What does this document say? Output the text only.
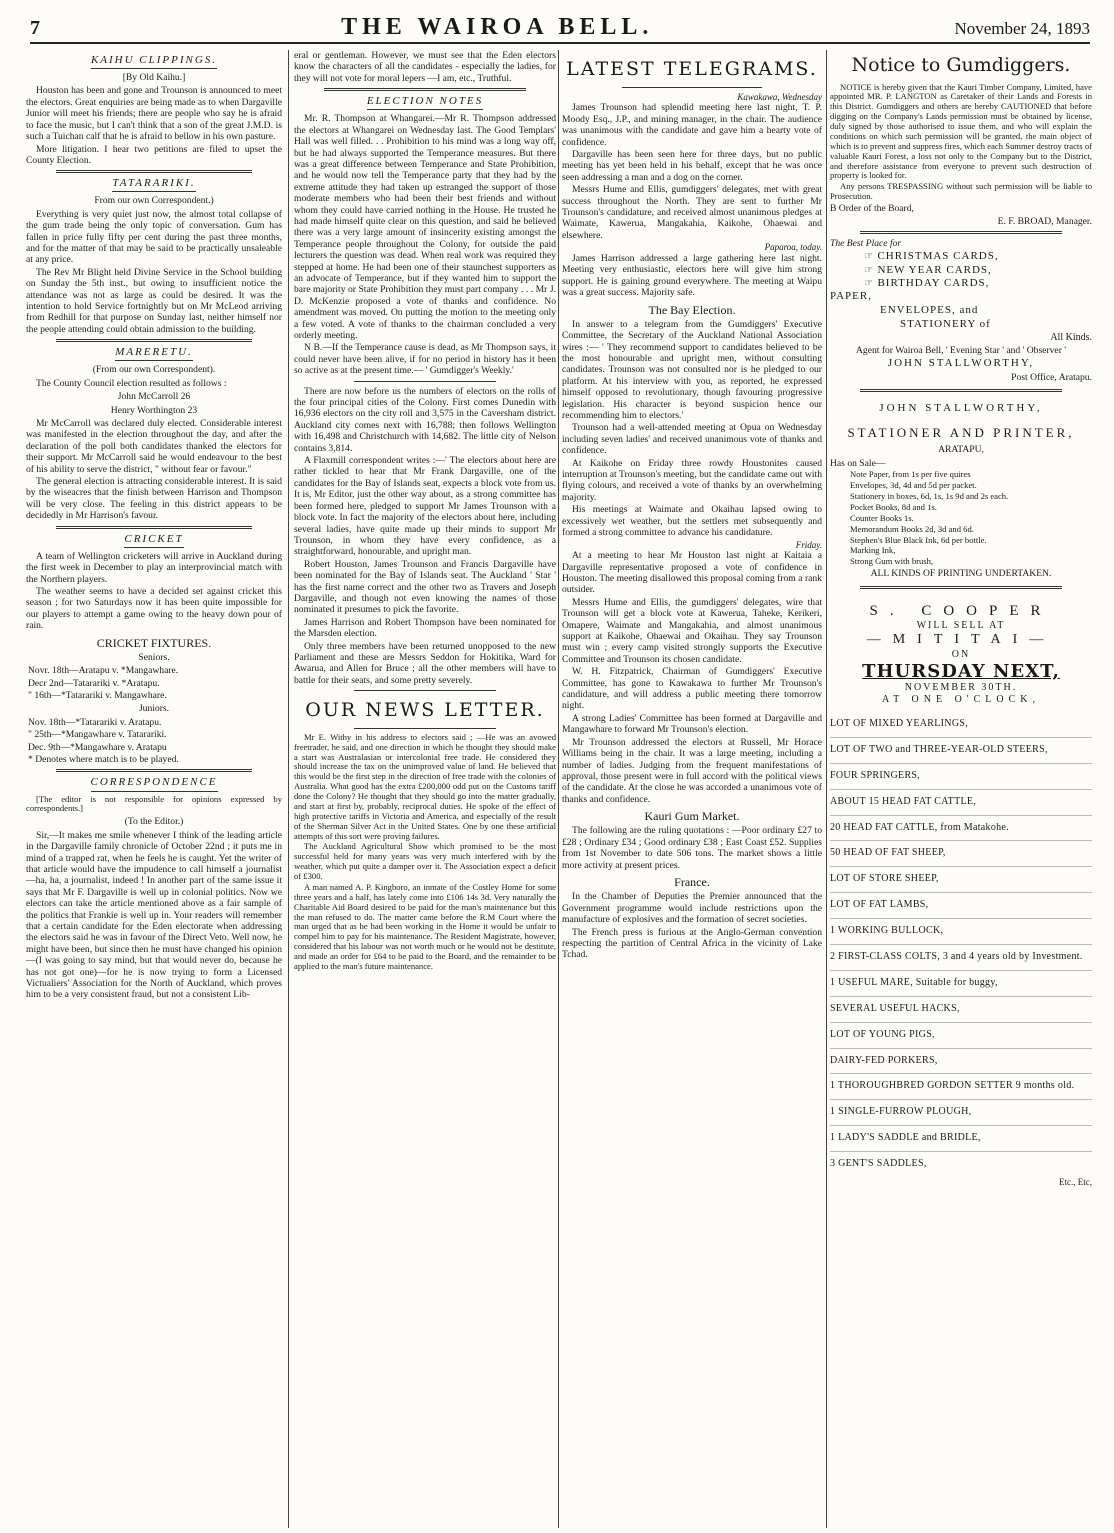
7	THE WAIROA BELL.	November 24, 1893
KAIHU CLIPPINGS.
[By Old Kaihu.]

Houston has been and gone and Trounson is announced to meet the electors. Great enquiries are being made as to when Dargaville Junior will meet his friends; there are people who say he is afraid to face the music, but I can't think that a son of the great J.M.D. is such a Tuichan calf that he is afraid to bellow in his own pasture.

More litigation. I hear two petitions are filed to upset the County Election.

TATARARIKI.
From our own Correspondent.)

Everything is very quiet just now, the almost total collapse of the gum trade being the only topic of conversation. Gum has fallen in price fully fifty per cent during the past three months, and for the matter of that may be said to be practically unsaleable at any price.

The Rev Mr Blight held Divine Service in the School building on Sunday the 5th inst., but owing to insufficient notice the attendance was not as large as could be desired. It was the intention to hold Service fortnightly but on Mr McLeod arriving from Redhill for that purpose on Sunday last, neither himself nor the people attending could obtain admission to the building.

MARERETU.
(From our own Correspondent).

The County Council election resulted as follows :

John McCarroll 26
Henry Worthington 23

Mr McCarroll was declared duly elected. Considerable interest was manifested in the election throughout the day, and after the declaration of the poll both candidates thanked the electors for their support. Mr McCarroll said he would endeavour to the best of his ability to serve the district, " without fear or favour."

The general election is attracting considerable interest. It is said by the wiseacres that the finish between Harrison and Thompson will be very close. The feeling in this district appears to be decidedly in Mr Harrison's favour.

CRICKET

A team of Wellington cricketers will arrive in Auckland during the first week in December to play an interprovincial match with the Northern players.

The weather seems to have a decided set against cricket this season ; for two Saturdays now it has been quite impossible for our players to attempt a game owing to the heavy down pour of rain.

CRICKET FIXTURES.
Seniors.

Novr. 18th—Aratapu v. *Mangawhare.

Decr 2nd—Tatarariki v. *Aratapu.

" 16th—*Tatarariki v. Mangawhare.

Juniors.

Nov. 18th—*Tatarariki v. Aratapu.

" 25th—*Mangawhare v. Tatarariki.

Dec. 9th—*Mangawhare v. Aratapu

* Denotes where match is to be played.

CORRESPONDENCE

[The editor is not responsible for opinions expressed by correspondents.]

(To the Editor.)

Sir,—It makes me smile whenever I think of the leading article in the Dargaville family chronicle of October 22nd ; it puts me in mind of a trapped rat, when he feels he is caught. Yet the writer of that article would have the impudence to call himself a journalist—ha, ha, a journalist, indeed ! In another part of the same issue it says that Mr F. Dargaville is well up in colonial politics. Now we electors can take the article mentioned above as a fair sample of the politics that Frankie is well up in. Your readers will remember that a certain candidate for the Eden electorate when addressing the electors said he was in favour of the Direct Veto. Well now, he might have been, but since then he must have changed his opinion—(I was going to say mind, but that would never do, because he has not got one)—for he is now trying to form a Licensed Victualiers' Association for the North of Auckland, which proves him to be a very consistent fraud, but not a consistent Lib-

eral or gentleman. However, we must see that the Eden electors know the characters of all the candidates - especially the ladies, for they will not vote for moral lepers —I am, etc., Truthful.

ELECTION NOTES

Mr. R. Thompson at Whangarei.—Mr R. Thompson addressed the electors at Whangarei on Wednesday last. The Good Templars' Hall was well filled. . . Prohibition to his mind was a long way off, but he had always supported the Temperance measures. But there was a great difference between Temperance and State Prohibition, and he would now tell the Temperance party that they had by the extreme attitude they had taken up estranged the support of those moderate members who had been their best friends and without whom they could have carried nothing in the House. He trusted he had made himself quite clear on this question, and said he believed there was a very large amount of insincerity existing amongst the Temperance people throughout the Colony, for outside the paid lecturers the question was dead. When real work was required they stepped at home. He had been one of their staunchest supporters as an advocate of Temperance, but if they wanted him to support the bare majority or State Prohibition they must part company . . . Mr J. D. McKenzie proposed a vote of thanks and confidence. No amendment was moved. On putting the motion to the meeting only a few voted. A vote of thanks to the chairman concluded a very orderly meeting.

N B.—If the Temperance cause is dead, as Mr Thompson says, it could never have been alive, if for no period in history has it been so active as at the present time.— ' Gumdigger's Weekly.'

There are now before us the numbers of electors on the rolls of the four principal cities of the Colony. First comes Dunedin with 16,936 electors on the city roll and 3,575 in the Caversham district. Auckland city comes next with 16,788; then follows Wellington with 16,498 and Christchurch with 14,682. The little city of Nelson contains 3,814.

A Flaxmill correspondent writes :—' The electors about here are rather tickled to hear that Mr Frank Dargaville, one of the candidates for the Bay of Islands seat, expects a block vote from us. It is, Mr Editor, just the other way about, as a strong committee has been formed here, pledged to support Mr James Trounson with a block vote. In fact the majority of the electors about here, including several ladies, have quite made up their minds to support Mr Trounson, in whom they have every confidence, as a straightforward, honourable, and upright man.

Robert Houston, James Trounson and Francis Dargaville have been nominated for the Bay of Islands seat. The Auckland ' Star ' has the first name correct and the other two as Travers and Joseph Dargaville, and though not even knowing the names of those nominated it presumes to pick the favorite.

James Harrison and Robert Thompson have been nominated for the Marsden election.

Only three members have been returned unopposed to the new Parliament and these are Messrs Seddon for Hokitika, Ward for Awarua, and Allen for Bruce ; all the other members will have to battle for their seats, and some pretty severely.

OUR NEWS LETTER.

Mr E. Withy in his address to electors said ; —He was an avowed freetrader, he said, and one direction in which he thought they should make a start was Australasian or intercolonial free trade. He considered they should increase the tax on the unimproved value of land. He believed that this would be the first step in the direction of free trade with the colonies of Australia. What good has the extra £200,000 odd put on the Customs tariff done the Colony? He thought that they should go into the matter gradually, and start at first by, probably, reciprocal duties. He spoke of the effect of high protective tariffs in Victoria and America, and especially of the result of the Sherman Silver Act in the United States. One by one these artificial attempts of this sort were proving failures.

The Auckland Agricultural Show which promised to be the most successful held for many years was very much interfered with by the weather, which put quite a damper over it. The Association expect a deficit of £300.

A man named A. P. Kingboro, an inmate of the Costley Home for some three years and a half, has lately come into £106 14s 3d. Very naturally the Charitable Aid Board desired to be paid for the man's maintenance but this the man refused to do. The matter came before the R.M Court where the man urged that as he had been working in the Home it would be unfair to compel him to pay for his maintenance. The Resident Magistrate, however, considered that his labour was not worth much or he would not be destitute, and made an order for £64 to be paid to the Board, and the remainder to be applied to the man's future maintenance.

LATEST TELEGRAMS.
Kawakawa, Wednesday

James Trounson had splendid meeting here last night, T. P. Moody Esq., J.P., and mining manager, in the chair. The audience was unanimous with the candidate and gave him a hearty vote of confidence.

Dargaville has been seen here for three days, but no public meeting has yet been held in his behalf, except that he was once seen addressing a man and a dog on the corner.

Messrs Hume and Ellis, gumdiggers' delegates, met with great success throughout the North. They are sent to further Mr Trounson's candidature, and received almost unanimous pledges at Waimate, Kawerua, Mangakahia, Kaikohe, Ohaewai and elsewhere.

Paparoa, today.

James Harrison addressed a large gathering here last night. Meeting very enthusiastic, electors here will give him strong support. He is gaining ground everywhere. The meeting at Waipu was a great success. Majority safe.

The Bay Election.

In answer to a telegram from the Gumdiggers' Executive Committee, the Secretary of the Auckland National Association wires :— ' They recommend support to candidates believed to be the most honourable and upright men, without consulting candidates. Trounson was not consulted nor is he pledged to our platform. At his interview with you, as reported, he expressed himself opposed to revolutionary, though favouring progressive legislation. His character is beyond suspicion hence our recommending him to electors.'

Trounson had a well-attended meeting at Opua on Wednesday including seven ladies' and received unanimous vote of thanks and confidence.

At Kaikohe on Friday three rowdy Houstonites caused interruption at Trounson's meeting, but the candidate came out with flying colours, and received a vote of thanks by an overwhelming majority.

His meetings at Waimate and Okaihau lapsed owing to excessively wet weather, but the settlers met subsequently and formed a strong committee to advance his candidature.

Friday.

At a meeting to hear Mr Houston last night at Kaitaia a Dargaville representative proposed a vote of confidence in Houston. The meeting disallowed this proposal coming from a rank outsider.

Messrs Hume and Ellis, the gumdiggers' delegates, wire that Trounson will get a block vote at Kawerua, Taheke, Kerikeri, Omapere, Waimate and Mangakahia, and almost unanimous support at Kaikohe, Ohaewai and Okaihau. They say Trounson must win ; every camp visited strongly supports the Executive Committee and Trounson its chosen candidate.

W. H. Fitzpatrick, Chairman of Gumdiggers' Executive Committee, has gone to Kawakawa to further Mr Trounson's candidature, and will address a public meeting there tomorrow night.

A strong Ladies' Committee has been formed at Dargaville and Mangawhare to forward Mr Trounson's election.

Mr Trounson addressed the electors at Russell, Mr Horace Williams being in the chair. It was a large meeting, including a number of ladies. Judging from the frequent manifestations of approval, those present were in full accord with the political views of the candidate. At the close he was accorded a unanimous vote of thanks and confidence.

Kauri Gum Market.

The following are the ruling quotations : —Poor ordinary £27 to £28 ; Ordinary £34 ; Good ordinary £38 ; East Coast £52. Supplies from 1st November to date 506 tons. The market shows a little more activity at present prices.

France.

In the Chamber of Deputies the Premier announced that the Government programme would include restrictions upon the manufacture of explosives and the formation of secret societies.

The French press is furious at the Anglo-German convention respecting the partition of Central Africa in the vicinity of Lake Tchad.

Notice to Gumdiggers.

NOTICE is hereby given that the Kauri Timber Company, Limited, have appointed MR. P. LANGTON as Caretaker of their Lands and Forests in this District. Gumdiggers and others are hereby CAUTIONED that before digging on the Company's Lands permission must be obtained by license, duly signed by those authorised to issue them, and who will explain the conditions on which such permission will be granted, the main object of which is to prevent and suppress fires, which each Summer destroy tracts of valuable Kauri Forest, a loss not only to the Company but to the District, and therefore assistance from everyone to prevent such destruction of property is looked for.

Any persons TRESPASSING without such permission will be liable to Prosecution.

B Order of the Board,

E. F. BROAD, Manager.

The Best Place for

☞ CHRISTMAS CARDS,
☞ NEW YEAR CARDS,
☞ BIRTHDAY CARDS,

PAPER,

ENVELOPES, and

STATIONERY of

All Kinds.

Agent for Wairoa Bell, ' Evening Star ' and ' Observer '

JOHN STALLWORTHY,

Post Office, Aratapu.

JOHN STALLWORTHY,
STATIONER AND PRINTER,
ARATAPU,

Has on Sale—

Note Paper, from 1s per five quires

Envelopes, 3d, 4d and 5d per packet.

Stationery in boxes, 6d, 1s, 1s 9d and 2s each.

Pocket Books, 8d and 1s.

Counter Books 1s.

Memorandum Books 2d, 3d and 6d.

Stephen's Blue Black Ink, 6d per bottle.

Marking Ink,

Strong Gum with brush,

ALL KINDS OF PRINTING UNDERTAKEN.

S. COOPER
WILL SELL AT
—MITITAI—
ON
THURSDAY NEXT,
NOVEMBER 30TH.
AT ONE O'CLOCK,
LOT OF MIXED YEARLINGS,
LOT OF TWO and THREE-YEAR-OLD STEERS,
FOUR SPRINGERS,
ABOUT 15 HEAD FAT CATTLE,
20 HEAD FAT CATTLE, from Matakohe.
50 HEAD OF FAT SHEEP,
LOT OF STORE SHEEP,
LOT OF FAT LAMBS,
1 WORKING BULLOCK,
2 FIRST-CLASS COLTS, 3 and 4 years old by Investment.
1 USEFUL MARE, Suitable for buggy,
SEVERAL USEFUL HACKS,
LOT OF YOUNG PIGS,
DAIRY-FED PORKERS,
1 THOROUGHBRED GORDON SETTER 9 months old.
1 SINGLE-FURROW PLOUGH,
1 LADY'S SADDLE and BRIDLE,
3 GENT'S SADDLES,

Etc., Etc,
